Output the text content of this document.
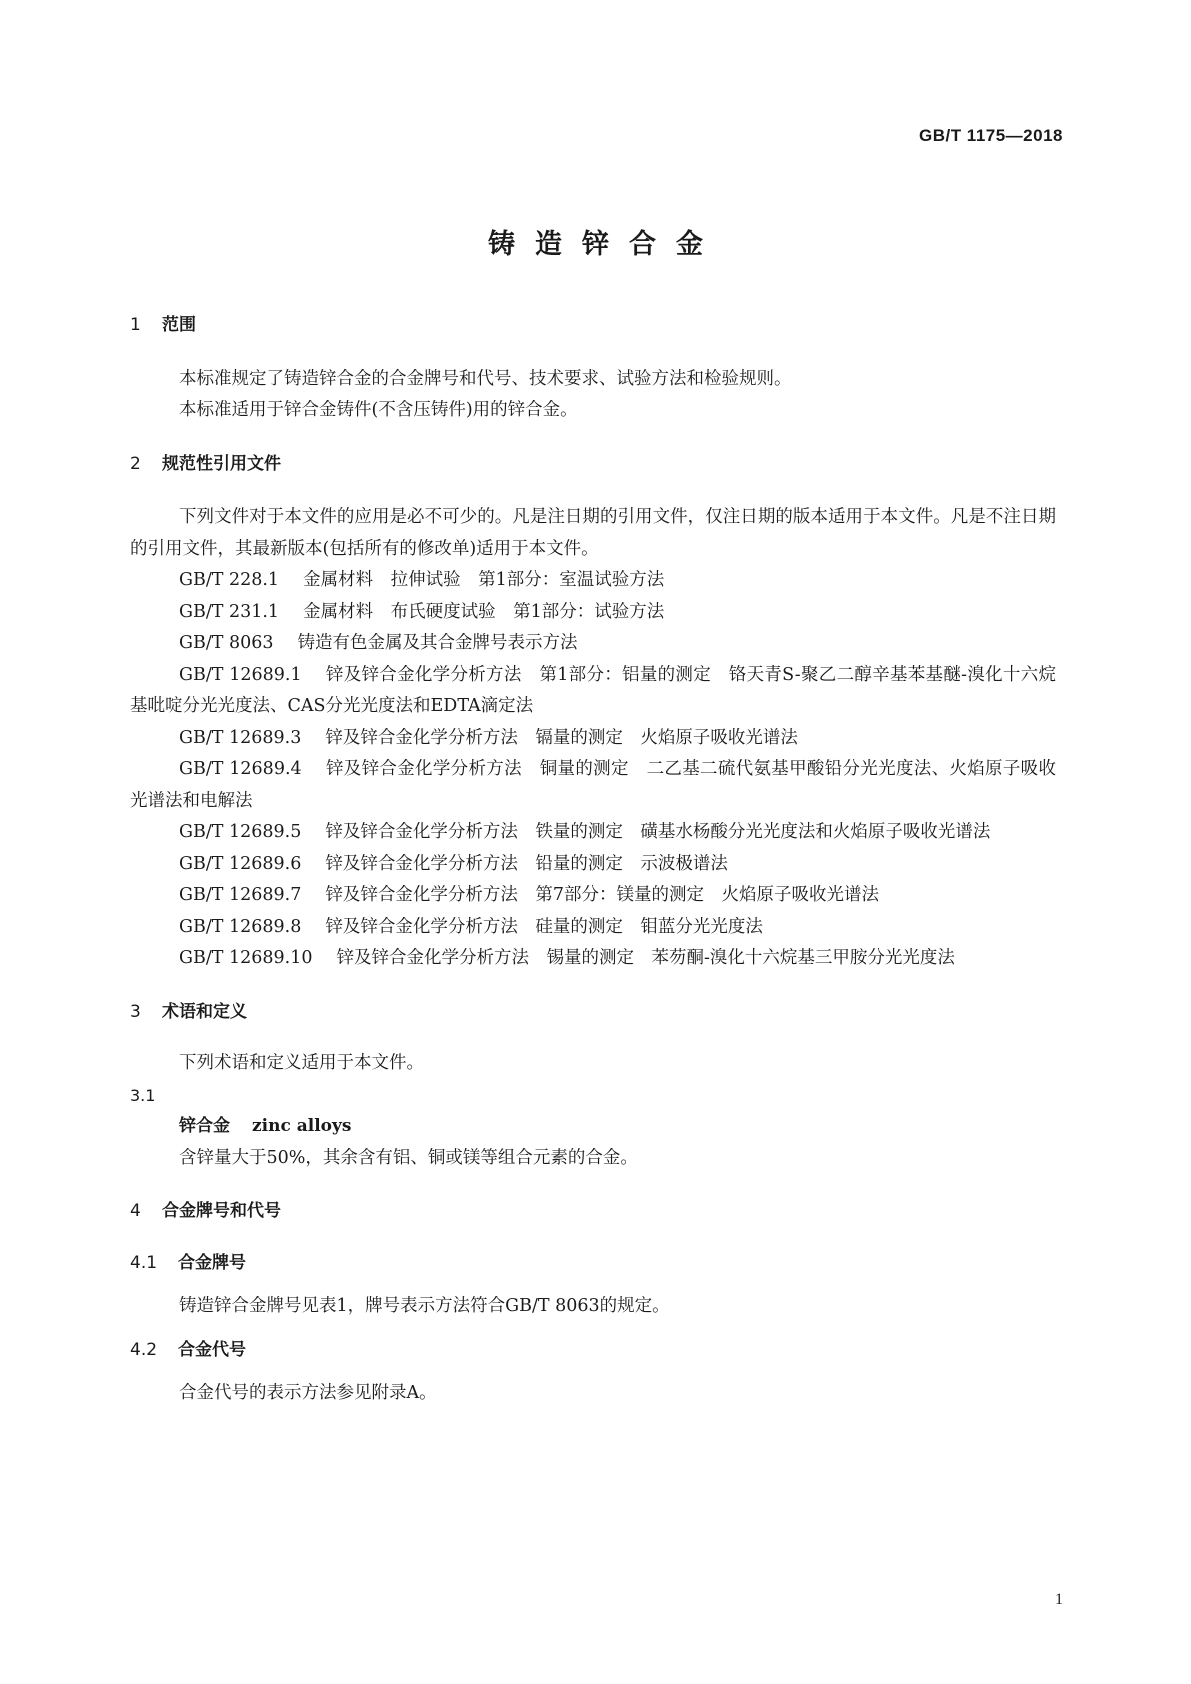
GB/T 1175—2018
铸造锌合金
1 范围

本标准规定了铸造锌合金的合金牌号和代号、技术要求、试验方法和检验规则。

本标准适用于锌合金铸件(不含压铸件)用的锌合金。

2 规范性引用文件

下列文件对于本文件的应用是必不可少的。凡是注日期的引用文件，仅注日期的版本适用于本文件。凡是不注日期的引用文件，其最新版本(包括所有的修改单)适用于本文件。

GB/T 228.1 金属材料　拉伸试验　第1部分：室温试验方法

GB/T 231.1 金属材料　布氏硬度试验　第1部分：试验方法

GB/T 8063 铸造有色金属及其合金牌号表示方法

GB/T 12689.1 锌及锌合金化学分析方法　第1部分：铝量的测定　铬天青S-聚乙二醇辛基苯基醚-溴化十六烷基吡啶分光光度法、CAS分光光度法和EDTA滴定法

GB/T 12689.3 锌及锌合金化学分析方法　镉量的测定　火焰原子吸收光谱法

GB/T 12689.4 锌及锌合金化学分析方法　铜量的测定　二乙基二硫代氨基甲酸铅分光光度法、火焰原子吸收光谱法和电解法

GB/T 12689.5 锌及锌合金化学分析方法　铁量的测定　磺基水杨酸分光光度法和火焰原子吸收光谱法

GB/T 12689.6 锌及锌合金化学分析方法　铅量的测定　示波极谱法

GB/T 12689.7 锌及锌合金化学分析方法　第7部分：镁量的测定　火焰原子吸收光谱法

GB/T 12689.8 锌及锌合金化学分析方法　硅量的测定　钼蓝分光光度法

GB/T 12689.10 锌及锌合金化学分析方法　锡量的测定　苯芴酮-溴化十六烷基三甲胺分光光度法

3 术语和定义

下列术语和定义适用于本文件。

3.1
锌合金 zinc alloys

含锌量大于50%，其余含有铝、铜或镁等组合元素的合金。

4 合金牌号和代号
4.1 合金牌号

铸造锌合金牌号见表1，牌号表示方法符合GB/T 8063的规定。

4.2 合金代号

合金代号的表示方法参见附录A。

1
